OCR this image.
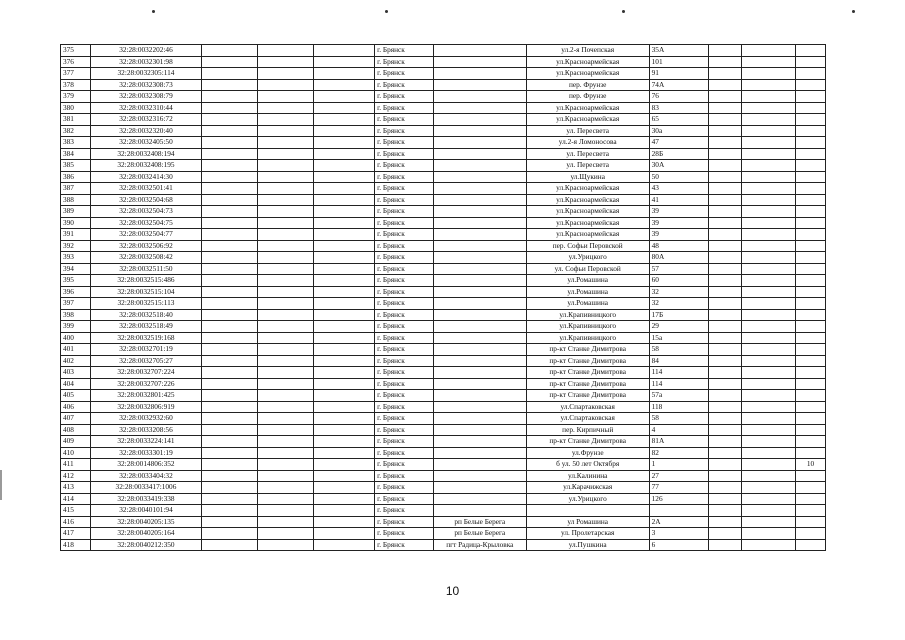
375	32:28:0032202:46				г. Брянск		ул.2-я Почепская	35А			
376	32:28:0032301:98				г. Брянск		ул.Красноармейская	101			
377	32:28:0032305:114				г. Брянск		ул.Красноармейская	91			
378	32:28:0032308:73				г. Брянск		пер. Фрунзе	74А			
379	32:28:0032308:79				г. Брянск		пер. Фрунзе	76			
380	32:28:0032310:44				г. Брянск		ул.Красноармейская	83			
381	32:28:0032316:72				г. Брянск		ул.Красноармейская	65			
382	32:28:0032320:40				г. Брянск		ул. Пересвета	30а			
383	32:28:0032405:50				г. Брянск		ул.2-я Ломоносова	47			
384	32:28:0032408:194				г. Брянск		ул. Пересвета	28Б			
385	32:28:0032408:195				г. Брянск		ул. Пересвета	30А			
386	32:28:0032414:30				г. Брянск		ул.Щукина	50			
387	32:28:0032501:41				г. Брянск		ул.Красноармейская	43			
388	32:28:0032504:68				г. Брянск		ул.Красноармейская	41			
389	32:28:0032504:73				г. Брянск		ул.Красноармейская	39			
390	32:28:0032504:75				г. Брянск		ул.Красноармейская	39			
391	32:28:0032504:77				г. Брянск		ул.Красноармейская	39			
392	32:28:0032506:92				г. Брянск		пер. Софьи Перовской	48			
393	32:28:0032508:42				г. Брянск		ул.Урицкого	80А			
394	32:28:0032511:50				г. Брянск		ул. Софьи Перовской	57			
395	32:28:0032515:486				г. Брянск		ул.Ромашина	60			
396	32:28:0032515:104				г. Брянск		ул.Ромашина	32			
397	32:28:0032515:113				г. Брянск		ул.Ромашина	32			
398	32:28:0032518:40				г. Брянск		ул.Крапивницкого	17Б			
399	32:28:0032518:49				г. Брянск		ул.Крапивницкого	29			
400	32:28:0032519:168				г. Брянск		ул.Крапивницкого	15а			
401	32:28:0032701:19				г. Брянск		пр-кт Станке Димитрова	58			
402	32:28:0032705:27				г. Брянск		пр-кт Станке Димитрова	84			
403	32:28:0032707:224				г. Брянск		пр-кт Станке Димитрова	114			
404	32:28:0032707:226				г. Брянск		пр-кт Станке Димитрова	114			
405	32:28:0032801:425				г. Брянск		пр-кт Станке Димитрова	57а			
406	32:28:0032806:919				г. Брянск		ул.Спартаковская	118			
407	32:28:0032932:60				г. Брянск		ул.Спартаковская	58			
408	32:28:0033208:56				г. Брянск		пер. Кирпичный	4			
409	32:28:0033224:141				г. Брянск		пр-кт Станке Димитрова	81А			
410	32:28:0033301:19				г. Брянск		ул.Фрунзе	82			
411	32:28:0014806:352				г. Брянск		б ул. 50 лет Октября	1			10
412	32:28:0033404:32				г. Брянск		ул.Калинина	27			
413	32:28:0033417:1006				г. Брянск		ул.Карачижская	77			
414	32:28:0033419:338				г. Брянск		ул.Урицкого	126			
415	32:28:0040101:94				г. Брянск						
416	32:28:0040205:135				г. Брянск	рп Белые Берега	ул Ромашина	2А			
417	32:28:0040205:164				г. Брянск	рп Белые Берега	ул. Пролетарская	3			
418	32:28:0040212:350				г. Брянск	пгт Радица-Крыловка	ул.Пушкина	6			
10
